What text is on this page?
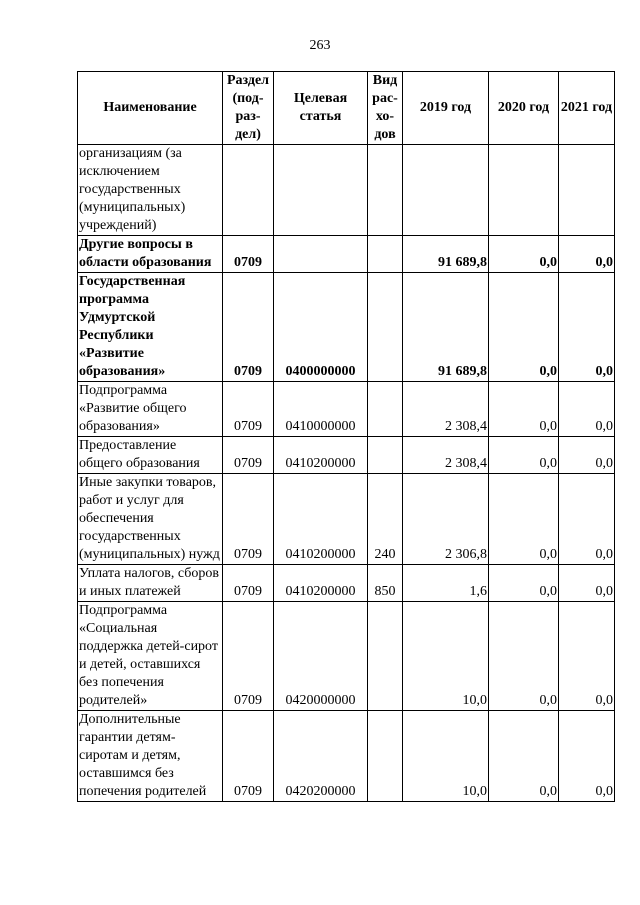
263
Наименование	Раздел (под- раз- дел)	Целевая статья	Вид рас- хо- дов	2019 год	2020 год	2021 год
организациям (за исключением государственных (муниципальных) учреждений)						
Другие вопросы в области образования	0709			91 689,8	0,0	0,0
Государственная программа Удмуртской Республики «Развитие образования»	0709	0400000000		91 689,8	0,0	0,0
Подпрограмма «Развитие общего образования»	0709	0410000000		2 308,4	0,0	0,0
Предоставление общего образования	0709	0410200000		2 308,4	0,0	0,0
Иные закупки товаров, работ и услуг для обеспечения государственных (муниципальных) нужд	0709	0410200000	240	2 306,8	0,0	0,0
Уплата налогов, сборов и иных платежей	0709	0410200000	850	1,6	0,0	0,0
Подпрограмма «Социальная поддержка детей-сирот и детей, оставшихся без попечения родителей»	0709	0420000000		10,0	0,0	0,0
Дополнительные гарантии детям-сиротам и детям, оставшимся без попечения родителей	0709	0420200000		10,0	0,0	0,0
